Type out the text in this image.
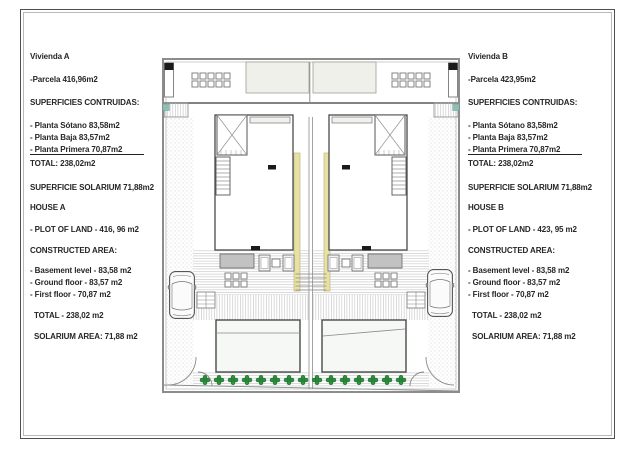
Vivienda A
-Parcela 416,96m2
SUPERFICIES CONTRUIDAS:
- Planta Sótano 83,58m2
- Planta Baja 83,57m2
- Planta Primera 70,87m2
TOTAL: 238,02m2
SUPERFICIE SOLARIUM 71,88m2
HOUSE A
- PLOT OF LAND - 416, 96 m2
CONSTRUCTED AREA:
- Basement level - 83,58 m2
- Ground floor - 83,57 m2
- First floor - 70,87 m2
TOTAL - 238,02 m2
SOLARIUM AREA: 71,88 m2
Vivienda B
-Parcela 423,95m2
SUPERFICIES CONTRUIDAS:
- Planta Sótano 83,58m2
- Planta Baja 83,57m2
- Planta Primera 70,87m2
TOTAL: 238,02m2
SUPERFICIE SOLARIUM 71,88m2
HOUSE B
- PLOT OF LAND - 423, 95 m2
CONSTRUCTED AREA:
- Basement level - 83,58 m2
- Ground floor - 83,57 m2
- First floor - 70,87 m2
TOTAL - 238,02 m2
SOLARIUM AREA: 71,88 m2
